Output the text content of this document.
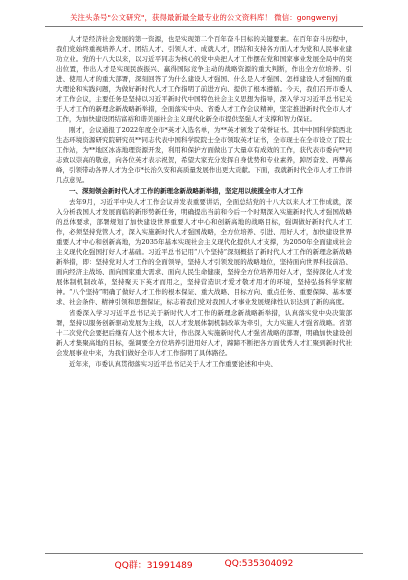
关注头条号"公文研究"，获得最新最全最专业的公文资料库！ 微信：gongwenyj

人才是经济社会发展的第一资源，也是实现第二个百年奋斗目标的关键要素。在百年奋斗历程中，我们党始终重视培养人才、团结人才、引领人才、成就人才，团结和支持各方面人才为党和人民事业建功立业。党的十八大以来，以习近平同志为核心的党中央把人才工作摆在党和国家事业发展全局中的突出位置，作出人才是实现民族振兴、赢得国际竞争主动的战略资源的重大判断，作出全方位培养、引进、使用人才的重大部署，深刻回答了为什么建设人才强国、什么是人才强国、怎样建设人才强国的重大理论和实践问题，为做好新时代人才工作指明了前进方向、提供了根本遵循。今天，我们召开市委人才工作会议，主要任务是坚持以习近平新时代中国特色社会主义思想为指导，深入学习习近平总书记关于人才工作的新理念新战略新举措，全面落实中央、省委人才工作会议精神，坚定推进新时代全市人才工作，为加快建设团结富裕和谐美丽社会主义现代化新全市提供坚强人才支撑和智力保证。

刚才，会议通报了2022年度全市*英才入选名单，为**英才颁发了荣誉证书。其中中国科学院西北生态环境资源研究院研究员**同志代表中国科学院院士全市领取英才证书，全市现士在全市设立了院士工作站，为**地区冰冻地理资源开发，利用和保护方面做出了大量卓有成效的工作，获代表市委向**同志致以崇高的敬意，向各位英才表示祝贺，希望大家充分发挥自身优势和专业素养，踔厉奋发、再攀高峰，引领带动各界人才为全市*长治久安和高质量发展作出更大贡献。下面，我就新时代全市人才工作讲几点意见。

一、深刻领会新时代人才工作的新理念新战略新举措，坚定用以统揽全市人才工作

去年9月，习近平中央人才工作会议并发表重要讲话，全面总结党的十八大以来人才工作成就，深入分析我国人才发展面临的新形势新任务，明确提出当前和今后一个时期深入实施新时代人才强国战略的总体要求，部署规划了加快建设世界重要人才中心和创新高地的战略目标，强调做好新时代人才工作，必须坚持党管人才，深入实施新时代人才强国战略，全方位培养、引进、用好人才，加快建设世界重要人才中心和创新高地，为2035年基本实现社会主义现代化提供人才支撑，为2050年全面建成社会主义现代化强国打好人才基础。习近平总书记用“八个坚持”深刻概括了新时代人才工作的新理念新战略新举措，即：坚持党对人才工作的全面领导，坚持人才引领发展的战略地位，坚持面向世界科技前沿、面向经济主战场、面向国家重大需求、面向人民生命健康，坚持全方位培养用好人才，坚持深化人才发展体制机制改革，坚持聚天下英才而用之，坚持营造识才爱才敬才用才的环境，坚持弘扬科学家精神。“八个坚持”明确了做好人才工作的根本保证、重大战略、目标方向、重点任务、重要保障、基本要求、社会条件、精神引领和思想保证，标志着我们党对我国人才事业发展规律性认识达到了新的高度。

省委深入学习习近平总书记关于新时代人才工作的新理念新战略新举措，认真落实党中央决策部署，坚持以服务创新驱动发展为主线，以人才发展体制机制改革为牵引，大力实施人才强省战略。省第十二次党代会要把后继有人这个根本大计，作出深入实施新时代人才强省战略的部署，明确加快建设创新人才集聚高地的目标，强调要全方位培养引进用好人才，蹄蹄不断把各方面优秀人才汇聚到新时代社会发展事业中来，为我们做好全市人才工作指明了具体路径。

近年来，市委认真贯彻落实习近平总书记关于人才工作重要论述和中央、

QQ群：31991489	QQ:535304092
